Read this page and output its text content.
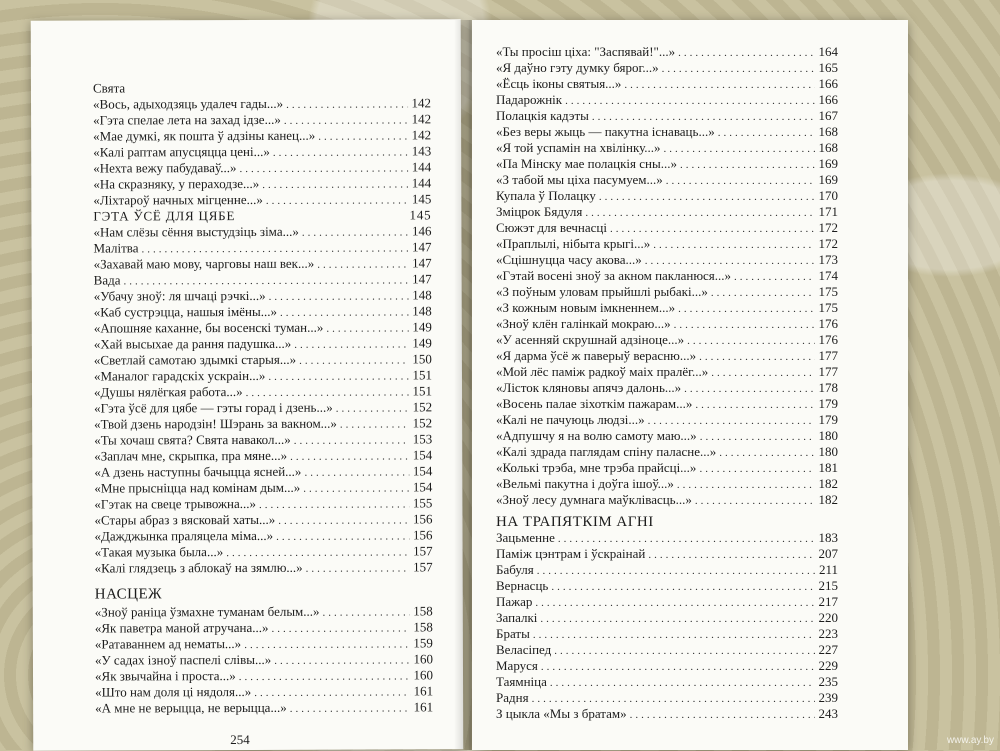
Свята
«Вось, адыходзяць удалеч гады...» .....	142
«Гэта спелае лета на захад ідзе...» .....	142
«Мае думкі, як пошта ў адзіны канец...» .....	142
«Калі раптам апусцяцца цені...» .....	143
«Нехта вежу пабудаваў...» .....	144
«На скразняку, у пераходзе...» .....	144
«Ліхтароў начных мігценне...» .....	145
ГЭТА ЎСЁ ДЛЯ ЦЯБЕ	145
«Нам слёзы сёння выстудзіць зіма...» .....	146
Малітва .....	147
«Захавай маю мову, чарговы наш век...» .....	147
Вада .....	147
«Убачу зноў: ля шчаці рэчкі...» .....	148
«Каб сустрэцца, нашыя імёны...» .....	148
«Апошняе каханне, бы восенскі туман...» .....	149
«Хай высыхае да рання падушка...» .....	149
«Светлай самотаю здымкі старыя...» .....	150
«Маналог гарадскіх ускраін...» .....	151
«Душы нялёгкая работа...» .....	151
«Гэта ўсё для цябе — гэты горад і дзень...» .....	152
«Твой дзень народзін! Шэрань за вакном...» .....	152
«Ты хочаш свята? Свята навакол...» .....	153
«Заплач мне, скрыпка, пра мяне...» .....	154
«А дзень наступны бачыцца ясней...» .....	154
«Мне прысніцца над комінам дым...» .....	154
«Гэтак на свеце трывожна...» .....	155
«Стары абраз з вясковай хаты...» .....	156
«Дажджынка праляцела міма...» .....	156
«Такая музыка была...» .....	157
«Калі глядзець з аблокаў на зямлю...» .....	157
НАСЦЕЖ
«Зноў раніца ўзмахне туманам белым...» .....	158
«Як паветра маной атручана...» .....	158
«Ратаваннем ад нематы...» .....	159
«У садах ізноў паспелі слівы...» .....	160
«Як звычайна і проста...» .....	160
«Што нам доля ці нядоля...» .....	161
«А мне не верыцца, не верыцца...» .....	161
254
«Ты просіш ціха: "Заспявай!"...» .....	164
«Я даўно гэту думку бярог...» .....	165
«Ёсць іконы святыя...» .....	166
Падарожнік .....	166
Полацкія кадэты .....	167
«Без веры жыць — пакутна існаваць...» .....	168
«Я той успамін на хвілінку...» .....	168
«Па Мінску мае полацкія сны...» .....	169
«З табой мы ціха пасумуем...» .....	169
Купала ў Полацку .....	170
Зміцрок Бядуля .....	171
Сюжэт для вечнасці .....	172
«Праплылі, нібыта крыгі...» .....	172
«Сцішнуцца часу акова...» .....	173
«Гэтай восені зноў за акном пакланюся...» .....	174
«З поўным уловам прыйшлі рыбакі...» .....	175
«З кожным новым імкненнем...» .....	175
«Зноў клён галінкай мокраю...» .....	176
«У асенняй скрушнай адзіноце...» .....	176
«Я дарма ўсё ж паверыў верасню...» .....	177
«Мой лёс паміж радкоў маіх пралёг...» .....	177
«Лісток кляновы апячэ далонь...» .....	178
«Восень палае зіхоткім пажарам...» .....	179
«Калі не пачуюць людзі...» .....	179
«Адпушчу я на волю самоту маю...» .....	180
«Калі здрада паглядам спіну паласне...» .....	180
«Колькі трэба, мне трэба прайсці...» .....	181
«Вельмі пакутна і доўга ішоў...» .....	182
«Зноў лесу думнага маўклівасць...» .....	182
НА ТРАПЯТКІМ АГНІ
Зацьменне .....	183
Паміж цэнтрам і ўскраінай .....	207
Бабуля .....	211
Вернасць .....	215
Пажар .....	217
Запалкі .....	220
Браты .....	223
Веласіпед .....	227
Маруся .....	229
Таямніца .....	235
Радня .....	239
З цыкла «Мы з братам» .....	243
www.ay.by
